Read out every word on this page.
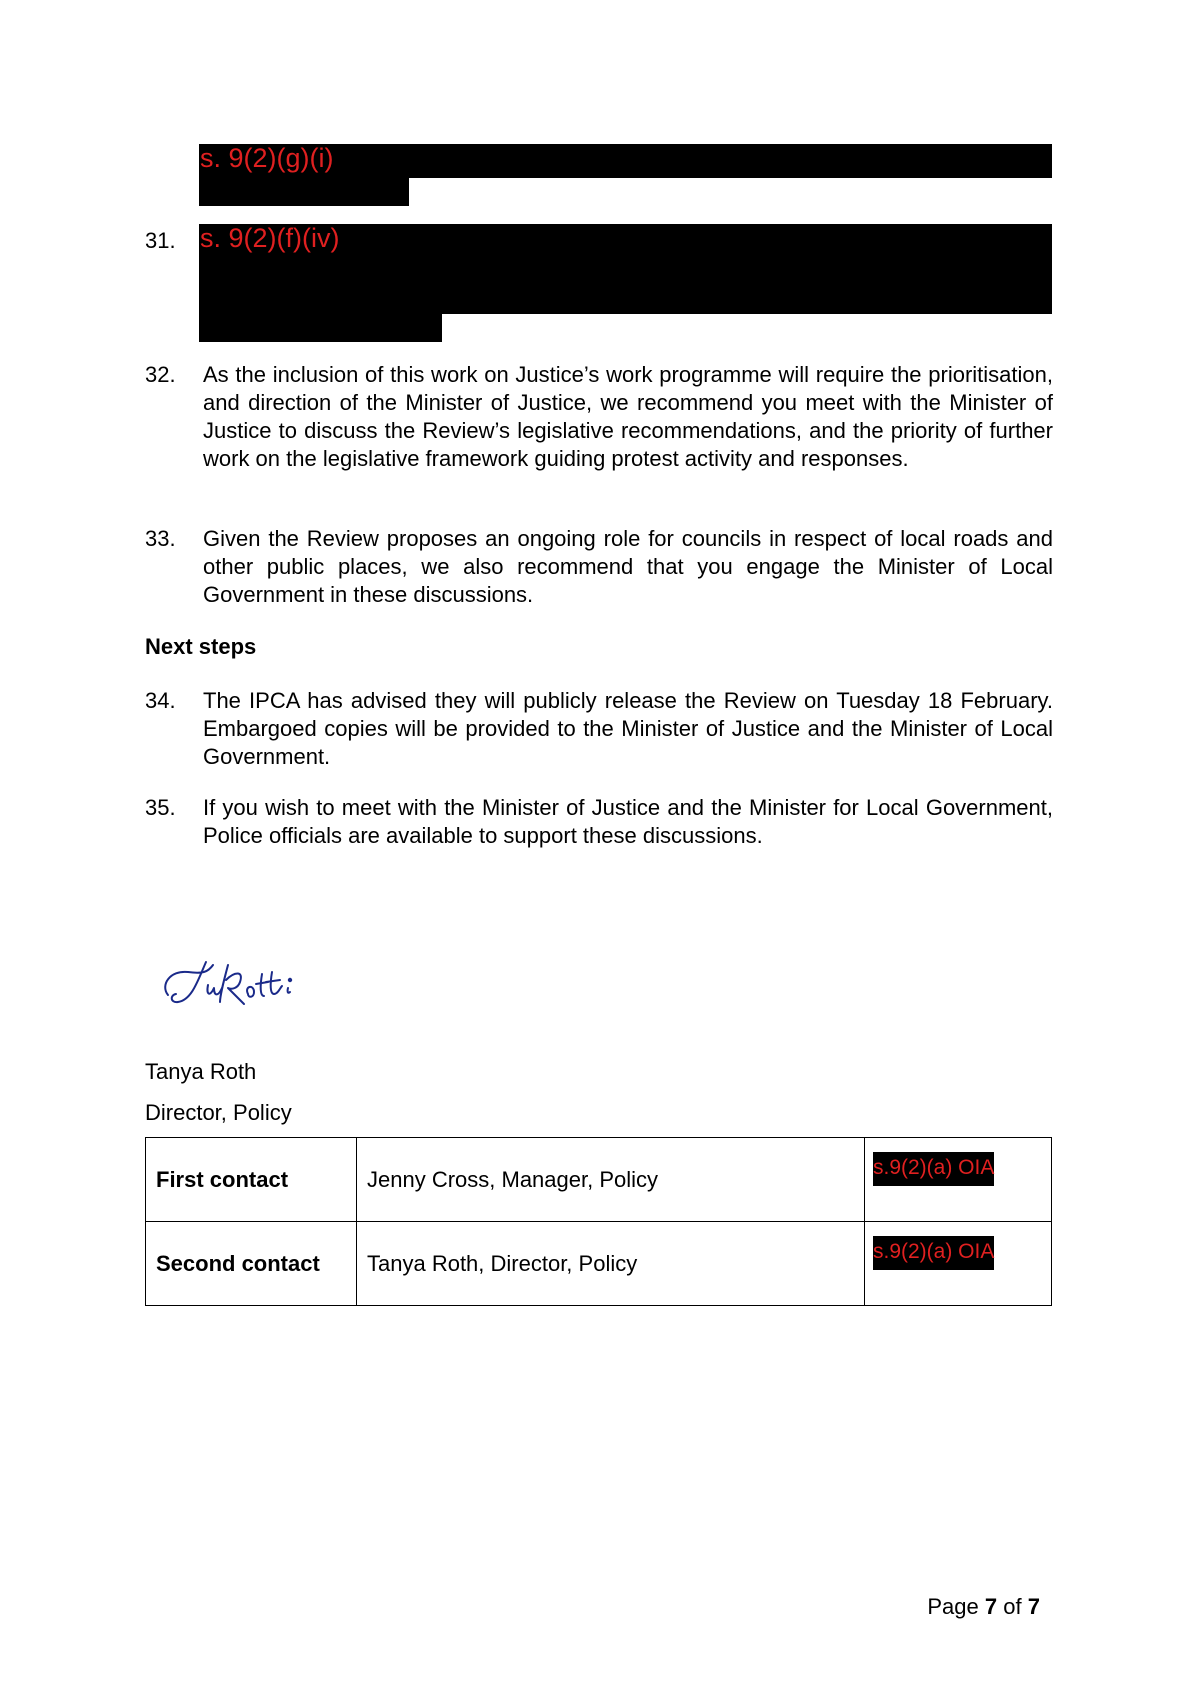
s. 9(2)(g)(i)
31. s. 9(2)(f)(iv)
32. As the inclusion of this work on Justice’s work programme will require the prioritisation, and direction of the Minister of Justice, we recommend you meet with the Minister of Justice to discuss the Review’s legislative recommendations, and the priority of further work on the legislative framework guiding protest activity and responses.
33. Given the Review proposes an ongoing role for councils in respect of local roads and other public places, we also recommend that you engage the Minister of Local Government in these discussions.
Next steps
34. The IPCA has advised they will publicly release the Review on Tuesday 18 February. Embargoed copies will be provided to the Minister of Justice and the Minister of Local Government.
35. If you wish to meet with the Minister of Justice and the Minister for Local Government, Police officials are available to support these discussions.
Tanya Roth
Director, Policy
First contact	Jenny Cross, Manager, Policy	s.9(2)(a) OIA
Second contact	Tanya Roth, Director, Policy	s.9(2)(a) OIA
Page 7 of 7
